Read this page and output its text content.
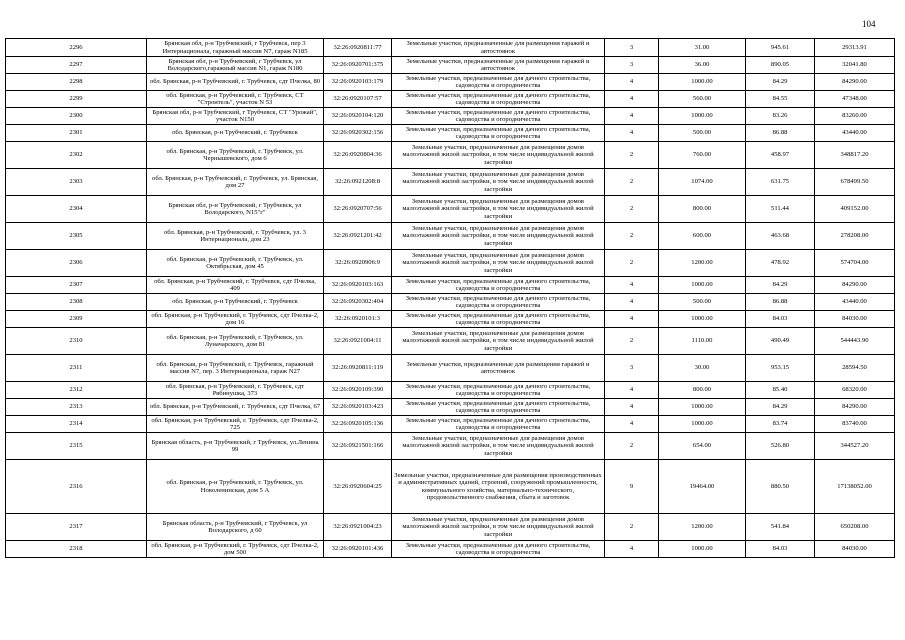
104
2296	Брянская обл, р-н Трубчевский, г Трубчевск, пер 3 Интернационала, гаражный массив N7, гараж N185	32:26:0920811:77	Земельные участки, предназначенные для размещения гаражей и автостоянок	3	31.00	945.61	29313.91
2297	Брянская обл, р-н Трубчевский, г Трубчевск, ул Володарского,гаражный массив N1, гараж N180	32:26:0920701:375	Земельные участки, предназначенные для размещения гаражей и автостоянок	3	36.00	890.05	32041.80
2298	обл. Брянская, р-н Трубчевский, г. Трубчевск, сдт Пчелка, 80	32:26:0920103:179	Земельные участки, предназначенные для дачного строительства, садоводства и огородничества	4	1000.00	84.29	84290.00
2299	обл. Брянская, р-н Трубчевский, г. Трубчевск, СТ "Строитель", участок N 53	32:26:0920107:57	Земельные участки, предназначенные для дачного строительства, садоводства и огородничества	4	560.00	84.55	47348.00
2300	Брянская обл, р-н Трубчевский, г Трубчевск, СТ "Урожай", участок N150	32:26:0920104:120	Земельные участки, предназначенные для дачного строительства, садоводства и огородничества	4	1000.00	83.26	83260.00
2301	обл. Брянская, р-н Трубчевский, г. Трубчевск	32:26:0920302:156	Земельные участки, предназначенные для дачного строительства, садоводства и огородничества	4	500.00	86.88	43440.00
2302	обл. Брянская, р-н Трубчевский, г. Трубчевск, ул. Чернышевского, дом 6	32:26:0920804:36	Земельные участки, предназначенные для размещения домов малоэтажной жилой застройки, в том числе индивидуальной жилой застройки	2	760.00	458.97	348817.20
2303	обл. Брянская, р-н Трубчевский, г. Трубчевск, ул. Брянская, дом 27	32:26:0921208:8	Земельные участки, предназначенные для размещения домов малоэтажной жилой застройки, в том числе индивидуальной жилой застройки	2	1074.00	631.75	678499.50
2304	Брянская обл, р-н Трубчевский, г Трубчевск, ул Володарского, N15"г"	32:26:0920707:56	Земельные участки, предназначенные для размещения домов малоэтажной жилой застройки, в том числе индивидуальной жилой застройки	2	800.00	511.44	409152.00
2305	обл. Брянская, р-н Трубчевский, г. Трубчевск, ул. 3 Интернационала, дом 23	32:26:0921201:42	Земельные участки, предназначенные для размещения домов малоэтажной жилой застройки, в том числе индивидуальной жилой застройки	2	600.00	463.68	278208.00
2306	обл. Брянская, р-н Трубчевский, г. Трубчевск, ул. Октябрьская, дом 45	32:26:0920906:9	Земельные участки, предназначенные для размещения домов малоэтажной жилой застройки, в том числе индивидуальной жилой застройки	2	1200.00	478.92	574704.00
2307	обл. Брянская, р-н Трубчевский, г. Трубчевск, сдт Пчелка, 409	32:26:0920103:163	Земельные участки, предназначенные для дачного строительства, садоводства и огородничества	4	1000.00	84.29	84290.00
2308	обл. Брянская, р-н Трубчевский, г. Трубчевск	32:26:0920302:404	Земельные участки, предназначенные для дачного строительства, садоводства и огородничества	4	500.00	86.88	43440.00
2309	обл. Брянская, р-н Трубчевский, г. Трубчевск, сдт Пчелка-2, дом 16	32:26:0920101:3	Земельные участки, предназначенные для дачного строительства, садоводства и огородничества	4	1000.00	84.03	84030.00
2310	обл. Брянская, р-н Трубчевский, г. Трубчевск, ул. Луначарского, дом 81	32:26:0921004:11	Земельные участки, предназначенные для размещения домов малоэтажной жилой застройки, в том числе индивидуальной жилой застройки	2	1110.00	490.49	544443.90
2311	обл. Брянская, р-н Трубчевский, г. Трубчевск, гаражный массив N7, пер. 3 Интернационала, гараж N27	32:26:0920811:119	Земельные участки, предназначенные для размещения гаражей и автостоянок	3	30.00	953.15	28594.50
2312	обл. Брянская, р-н Трубчевский, г. Трубчевск, сдт Рябинушка, 373	32:26:0920109:390	Земельные участки, предназначенные для дачного строительства, садоводства и огородничества	4	800.00	85.40	68320.00
2313	обл. Брянская, р-н Трубчевский, г. Трубчевск, сдт Пчелка, 67	32:26:0920103:423	Земельные участки, предназначенные для дачного строительства, садоводства и огородничества	4	1000.00	84.29	84290.00
2314	обл. Брянская, р-н Трубчевский, г. Трубчевск, сдт Пчелка-2, 725	32:26:0920105:136	Земельные участки, предназначенные для дачного строительства, садоводства и огородничества	4	1000.00	83.74	83740.00
2315	Брянская область, р-н Трубчевский, г Трубчевск, ул.Ленина 99	32:26:0921501:166	Земельные участки, предназначенные для размещения домов малоэтажной жилой застройки, в том числе индивидуальной жилой застройки	2	654.00	526.80	344527.20
2316	обл. Брянская, р-н Трубчевский, г. Трубчевск, ул. Новоленинская, дом 5 А	32:26:0920604:25	Земельные участки, предназначенные для размещения производственных и административных зданий, строений, сооружений промышленности, коммунального хозяйства, материально-технического, продовольственного снабжения, сбыта и заготовок	9	19464.00	880.50	17138052.00
2317	Брянская область, р-н Трубчевский, г Трубчевск, ул Володарского, д 60	32:26:0921004:23	Земельные участки, предназначенные для размещения домов малоэтажной жилой застройки, в том числе индивидуальной жилой застройки	2	1200.00	541.84	650208.00
2318	обл. Брянская, р-н Трубчевский, г. Трубчевск, сдт Пчелка-2, дом 500	32:26:0920101:436	Земельные участки, предназначенные для дачного строительства, садоводства и огородничества	4	1000.00	84.03	84030.00
